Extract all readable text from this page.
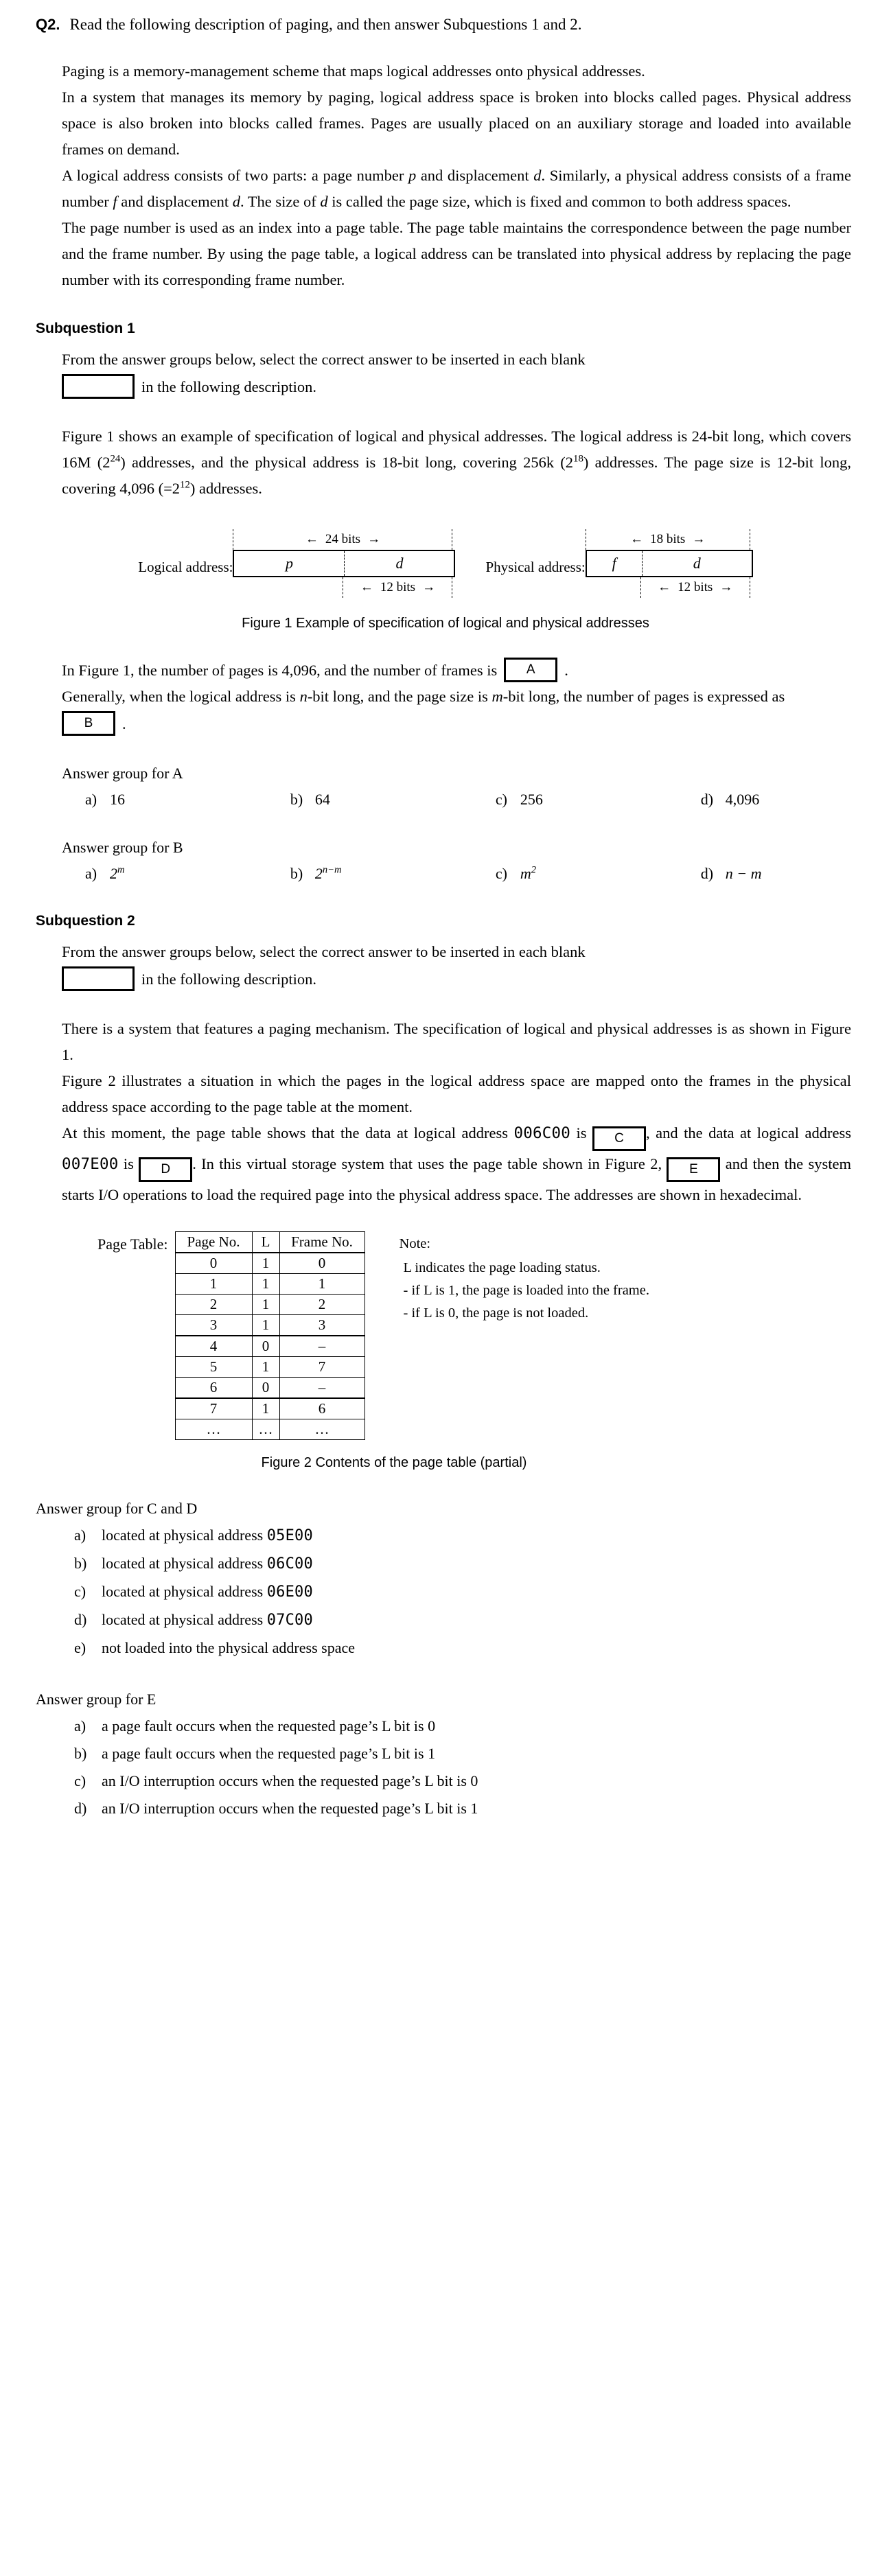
Q2. Read the following description of paging, and then answer Subquestions 1 and 2.

Paging is a memory-management scheme that maps logical addresses onto physical addresses.

In a system that manages its memory by paging, logical address space is broken into blocks called pages. Physical address space is also broken into blocks called frames. Pages are usually placed on an auxiliary storage and loaded into available frames on demand.

A logical address consists of two parts: a page number p and displacement d. Similarly, a physical address consists of a frame number f and displacement d. The size of d is called the page size, which is fixed and common to both address spaces.

The page number is used as an index into a page table. The page table maintains the correspondence between the page number and the frame number. By using the page table, a logical address can be translated into physical address by replacing the page number with its corresponding frame number.

Subquestion 1

From the answer groups below, select the correct answer to be inserted in each blank

in the following description.

Figure 1 shows an example of specification of logical and physical addresses. The logical address is 24-bit long, which covers 16M $(2^{24})$ addresses, and the physical address is 18-bit long, covering 256k $(2^{18})$ addresses. The page size is 12-bit long, covering 4,096 $(=2^{12})$ addresses.

Logical address:
← 24 bits →
p	d
← 12 bits →
Physical address:
← 18 bits →
f	d
← 12 bits →
Figure 1 Example of specification of logical and physical addresses
In Figure 1, the number of pages is 4,096, and the number of frames is	A	.

Generally, when the logical address is n-bit long, and the page size is m-bit long, the number of pages is expressed as

B	.
Answer group for A
a) 16	b) 64	c) 256	d) 4,096
Answer group for B
a) 2$^m$	b) $2^{n-m}$	c) $m^2$	d) n − m
Subquestion 2

From the answer groups below, select the correct answer to be inserted in each blank

in the following description.

There is a system that features a paging mechanism. The specification of logical and physical addresses is as shown in Figure 1.

Figure 2 illustrates a situation in which the pages in the logical address space are mapped onto the frames in the physical address space according to the page table at the moment.

At this moment, the page table shows that the data at logical address 006C00 is C , and the data at logical address 007E00 is D . In this virtual storage system that uses the page table shown in Figure 2, E and then the system starts I/O operations to load the required page into the physical address space. The addresses are shown in hexadecimal.

Page Table:	Page No.	L	Frame No.
0	1	0
1	1	1
2	1	2
3	1	3
4	0	–
5	1	7
6	0	–
7	1	6
…	…	…
Note:
L indicates the page loading status.
- if L is 1, the page is loaded into the frame.
- if L is 0, the page is not loaded.
Figure 2 Contents of the page table (partial)
Answer group for C and D
a)	located at physical address 05E00
b) located at physical address 06C00
c)	located at physical address 06E00
d) located at physical address 07C00
e)	not loaded into the physical address space
Answer group for E
a)	a page fault occurs when the requested page’s L bit is 0
b) a page fault occurs when the requested page’s L bit is 1
c)	an I/O interruption occurs when the requested page’s L bit is 0
d) an I/O interruption occurs when the requested page’s L bit is 1
